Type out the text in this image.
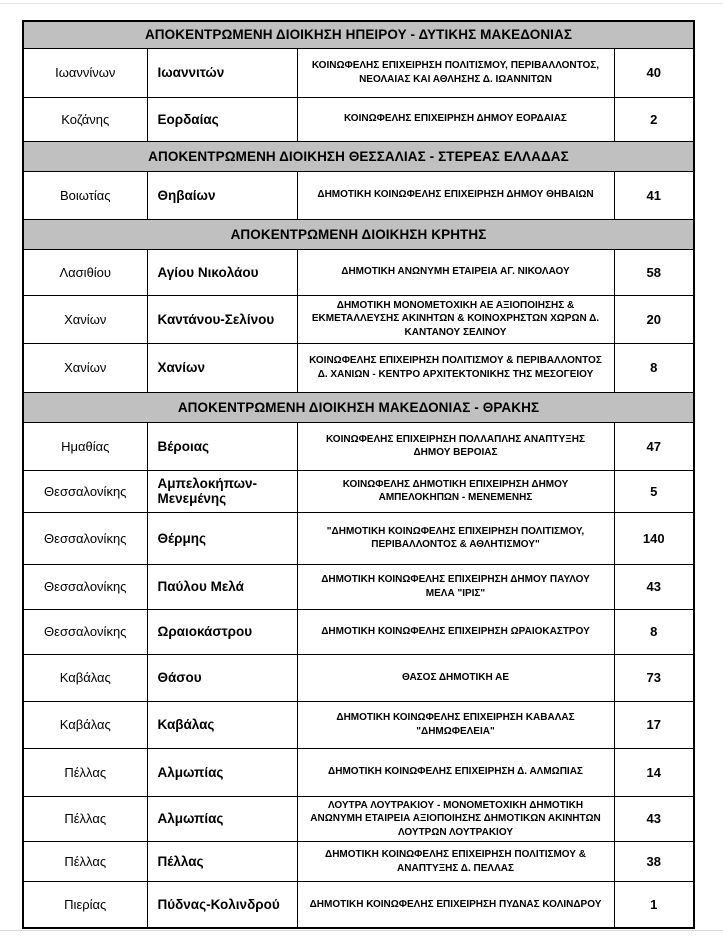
ΑΠΟΚΕΝΤΡΩΜΕΝΗ ΔΙΟΙΚΗΣΗ ΗΠΕΙΡΟΥ - ΔΥΤΙΚΗΣ ΜΑΚΕΔΟΝΙΑΣ			
Ιωαννίνων	Ιωαννιτών	ΚΟΙΝΩΦΕΛΗΣ ΕΠΙΧΕΙΡΗΣΗ ΠΟΛΙΤΙΣΜΟΥ, ΠΕΡΙΒΑΛΛΟΝΤΟΣ, ΝΕΟΛΑΙΑΣ ΚΑΙ ΑΘΛΗΣΗΣ Δ. ΙΩΑΝΝΙΤΩΝ	40
Κοζάνης	Εορδαίας	ΚΟΙΝΩΦΕΛΗΣ ΕΠΙΧΕΙΡΗΣΗ ΔΗΜΟΥ ΕΟΡΔΑΙΑΣ	2
ΑΠΟΚΕΝΤΡΩΜΕΝΗ ΔΙΟΙΚΗΣΗ ΘΕΣΣΑΛΙΑΣ - ΣΤΕΡΕΑΣ ΕΛΛΑΔΑΣ			
Βοιωτίας	Θηβαίων	ΔΗΜΟΤΙΚΗ ΚΟΙΝΩΦΕΛΗΣ ΕΠΙΧΕΙΡΗΣΗ ΔΗΜΟΥ ΘΗΒΑΙΩΝ	41
ΑΠΟΚΕΝΤΡΩΜΕΝΗ ΔΙΟΙΚΗΣΗ ΚΡΗΤΗΣ			
Λασιθίου	Αγίου Νικολάου	ΔΗΜΟΤΙΚΗ ΑΝΩΝΥΜΗ ΕΤΑΙΡΕΙΑ ΑΓ. ΝΙΚΟΛΑΟΥ	58
Χανίων	Καντάνου-Σελίνου	ΔΗΜΟΤΙΚΗ ΜΟΝΟΜΕΤΟΧΙΚΗ ΑΕ ΑΞΙΟΠΟΙΗΣΗΣ & ΕΚΜΕΤΑΛΛΕΥΣΗΣ ΑΚΙΝΗΤΩΝ & ΚΟΙΝΟΧΡΗΣΤΩΝ ΧΩΡΩΝ Δ. ΚΑΝΤΑΝΟΥ ΣΕΛΙΝΟΥ	20
Χανίων	Χανίων	ΚΟΙΝΩΦΕΛΗΣ ΕΠΙΧΕΙΡΗΣΗ ΠΟΛΙΤΙΣΜΟΥ & ΠΕΡΙΒΑΛΛΟΝΤΟΣ Δ. ΧΑΝΙΩΝ - ΚΕΝΤΡΟ ΑΡΧΙΤΕΚΤΟΝΙΚΗΣ ΤΗΣ ΜΕΣΟΓΕΙΟΥ	8
ΑΠΟΚΕΝΤΡΩΜΕΝΗ ΔΙΟΙΚΗΣΗ ΜΑΚΕΔΟΝΙΑΣ - ΘΡΑΚΗΣ			
Ημαθίας	Βέροιας	ΚΟΙΝΩΦΕΛΗΣ ΕΠΙΧΕΙΡΗΣΗ ΠΟΛΛΑΠΛΗΣ ΑΝΑΠΤΥΞΗΣ ΔΗΜΟΥ ΒΕΡΟΙΑΣ	47
Θεσσαλονίκης	Αμπελοκήπων-Μενεμένης	ΚΟΙΝΩΦΕΛΗΣ ΔΗΜΟΤΙΚΗ ΕΠΙΧΕΙΡΗΣΗ ΔΗΜΟΥ ΑΜΠΕΛΟΚΗΠΩΝ - ΜΕΝΕΜΕΝΗΣ	5
Θεσσαλονίκης	Θέρμης	"ΔΗΜΟΤΙΚΗ ΚΟΙΝΩΦΕΛΗΣ ΕΠΙΧΕΙΡΗΣΗ ΠΟΛΙΤΙΣΜΟΥ, ΠΕΡΙΒΑΛΛΟΝΤΟΣ & ΑΘΛΗΤΙΣΜΟΥ"	140
Θεσσαλονίκης	Παύλου Μελά	ΔΗΜΟΤΙΚΗ ΚΟΙΝΩΦΕΛΗΣ ΕΠΙΧΕΙΡΗΣΗ ΔΗΜΟΥ ΠΑΥΛΟΥ ΜΕΛΑ "ΙΡΙΣ"	43
Θεσσαλονίκης	Ωραιοκάστρου	ΔΗΜΟΤΙΚΗ ΚΟΙΝΩΦΕΛΗΣ ΕΠΙΧΕΙΡΗΣΗ ΩΡΑΙΟΚΑΣΤΡΟΥ	8
Καβάλας	Θάσου	ΘΑΣΟΣ ΔΗΜΟΤΙΚΗ ΑΕ	73
Καβάλας	Καβάλας	ΔΗΜΟΤΙΚΗ ΚΟΙΝΩΦΕΛΗΣ ΕΠΙΧΕΙΡΗΣΗ ΚΑΒΑΛΑΣ "ΔΗΜΩΦΕΛΕΙΑ"	17
Πέλλας	Αλμωπίας	ΔΗΜΟΤΙΚΗ ΚΟΙΝΩΦΕΛΗΣ ΕΠΙΧΕΙΡΗΣΗ Δ. ΑΛΜΩΠΙΑΣ	14
Πέλλας	Αλμωπίας	ΛΟΥΤΡΑ ΛΟΥΤΡΑΚΙΟΥ - ΜΟΝΟΜΕΤΟΧΙΚΗ ΔΗΜΟΤΙΚΗ ΑΝΩΝΥΜΗ ΕΤΑΙΡΕΙΑ ΑΞΙΟΠΟΙΗΣΗΣ ΔΗΜΟΤΙΚΩΝ ΑΚΙΝΗΤΩΝ ΛΟΥΤΡΩΝ ΛΟΥΤΡΑΚΙΟΥ	43
Πέλλας	Πέλλας	ΔΗΜΟΤΙΚΗ ΚΟΙΝΩΦΕΛΗΣ ΕΠΙΧΕΙΡΗΣΗ ΠΟΛΙΤΙΣΜΟΥ & ΑΝΑΠΤΥΞΗΣ Δ. ΠΕΛΛΑΣ	38
Πιερίας	Πύδνας-Κολινδρού	ΔΗΜΟΤΙΚΗ ΚΟΙΝΩΦΕΛΗΣ ΕΠΙΧΕΙΡΗΣΗ ΠΥΔΝΑΣ ΚΟΛΙΝΔΡΟΥ	1
